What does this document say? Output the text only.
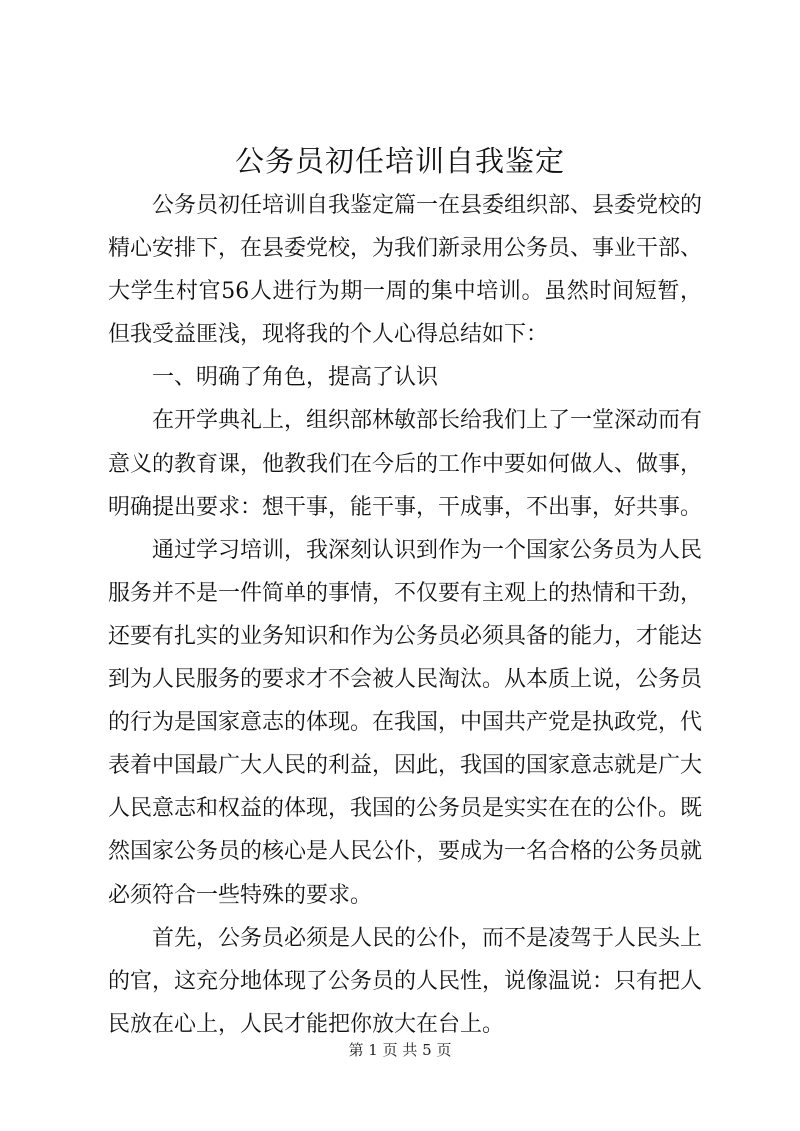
公务员初任培训自我鉴定

公务员初任培训自我鉴定篇一在县委组织部、县委党校的精心安排下，在县委党校，为我们新录用公务员、事业干部、大学生村官56人进行为期一周的集中培训。虽然时间短暂，但我受益匪浅，现将我的个人心得总结如下：

一、明确了角色，提高了认识

在开学典礼上，组织部林敏部长给我们上了一堂深动而有意义的教育课，他教我们在今后的工作中要如何做人、做事，明确提出要求：想干事，能干事，干成事，不出事，好共事。

通过学习培训，我深刻认识到作为一个国家公务员为人民服务并不是一件简单的事情，不仅要有主观上的热情和干劲，还要有扎实的业务知识和作为公务员必须具备的能力，才能达到为人民服务的要求才不会被人民淘汰。从本质上说，公务员的行为是国家意志的体现。在我国，中国共产党是执政党，代表着中国最广大人民的利益，因此，我国的国家意志就是广大人民意志和权益的体现，我国的公务员是实实在在的公仆。既然国家公务员的核心是人民公仆，要成为一名合格的公务员就必须符合一些特殊的要求。

首先，公务员必须是人民的公仆，而不是凌驾于人民头上的官，这充分地体现了公务员的人民性，说像温说：只有把人民放在心上，人民才能把你放大在台上。

第 1 页 共 5 页
